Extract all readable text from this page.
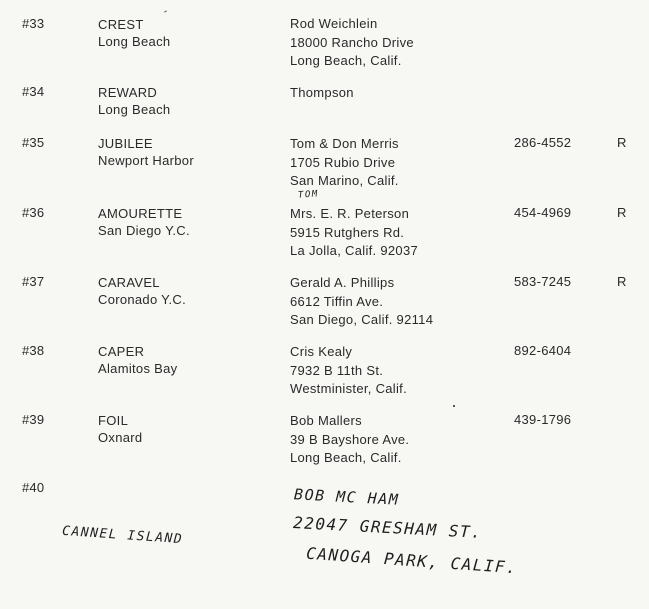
#33	CREST
Long Beach
Rod Weichlein
18000 Rancho Drive
Long Beach, Calif.
#34	REWARD
Long Beach
Thompson
#35	JUBILEE
Newport Harbor
Tom & Don Merris
1705 Rubio Drive
San Marino, Calif.
286-4552	R
#36	AMOURETTE
San Diego Y.C.
Mrs. E. R. Peterson
5915 Rutghers Rd.
La Jolla, Calif. 92037
454-4969	R
TOM
#37	CARAVEL
Coronado Y.C.
Gerald A. Phillips
6612 Tiffin Ave.
San Diego, Calif. 92114
583-7245	R
#38	CAPER
Alamitos Bay
Cris Kealy
7932 B 11th St.
Westminister, Calif.
892-6404
#39	FOIL
Oxnard
Bob Mallers
39 B Bayshore Ave.
Long Beach, Calif.
439-1796
#40
CANNEL ISLAND
BOB MC HAM
22047 GRESHAM ST.
CANOGA PARK, CALIF.
